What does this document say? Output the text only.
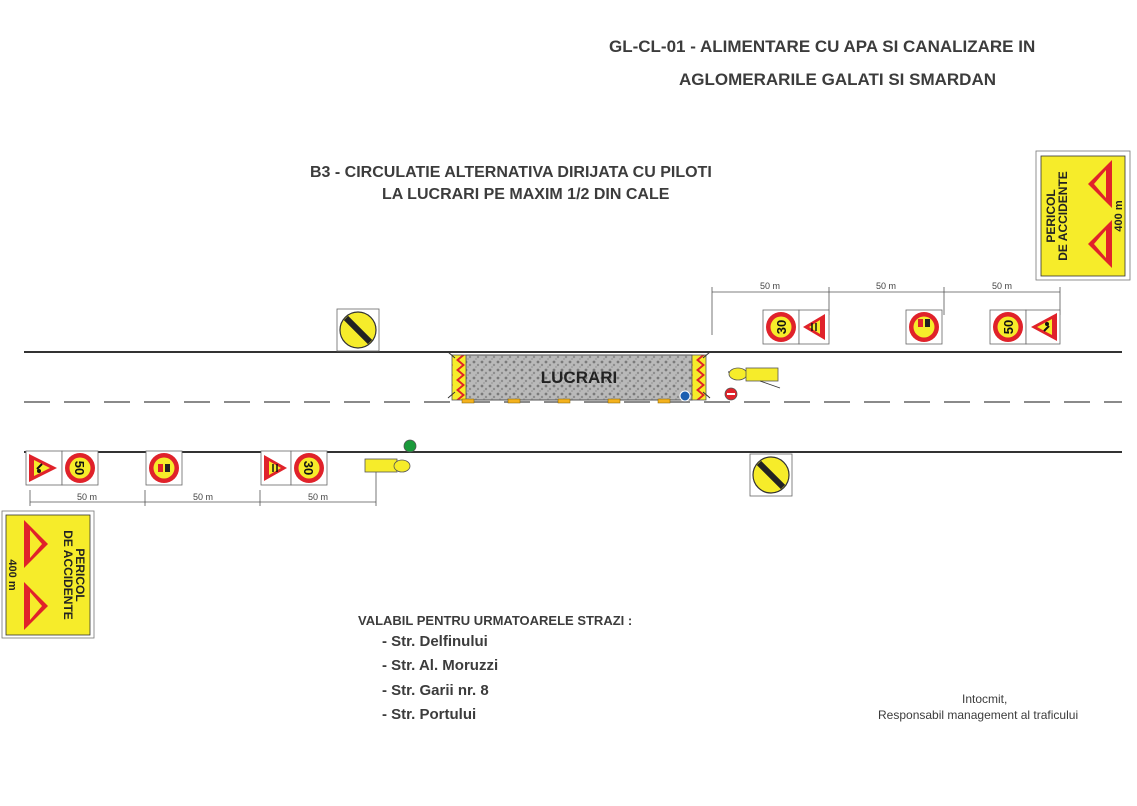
GL-CL-01 - ALIMENTARE CU APA SI CANALIZARE IN
AGLOMERARILE GALATI SI SMARDAN
B3 - CIRCULATIE ALTERNATIVA DIRIJATA CU PILOTI
LA LUCRARI PE MAXIM 1/2 DIN CALE
LUCRARI
50 m	50 m	50 m
50 m	50 m	50 m
30	50
50	30
PERICOL
DE ACCIDENTE	400 m
PERICOL
DE ACCIDENTE
400 m
VALABIL PENTRU URMATOARELE STRAZI :
- Str. Delfinului
- Str. Al. Moruzzi
- Str. Garii nr. 8
- Str. Portului
Intocmit,
Responsabil management al traficului
